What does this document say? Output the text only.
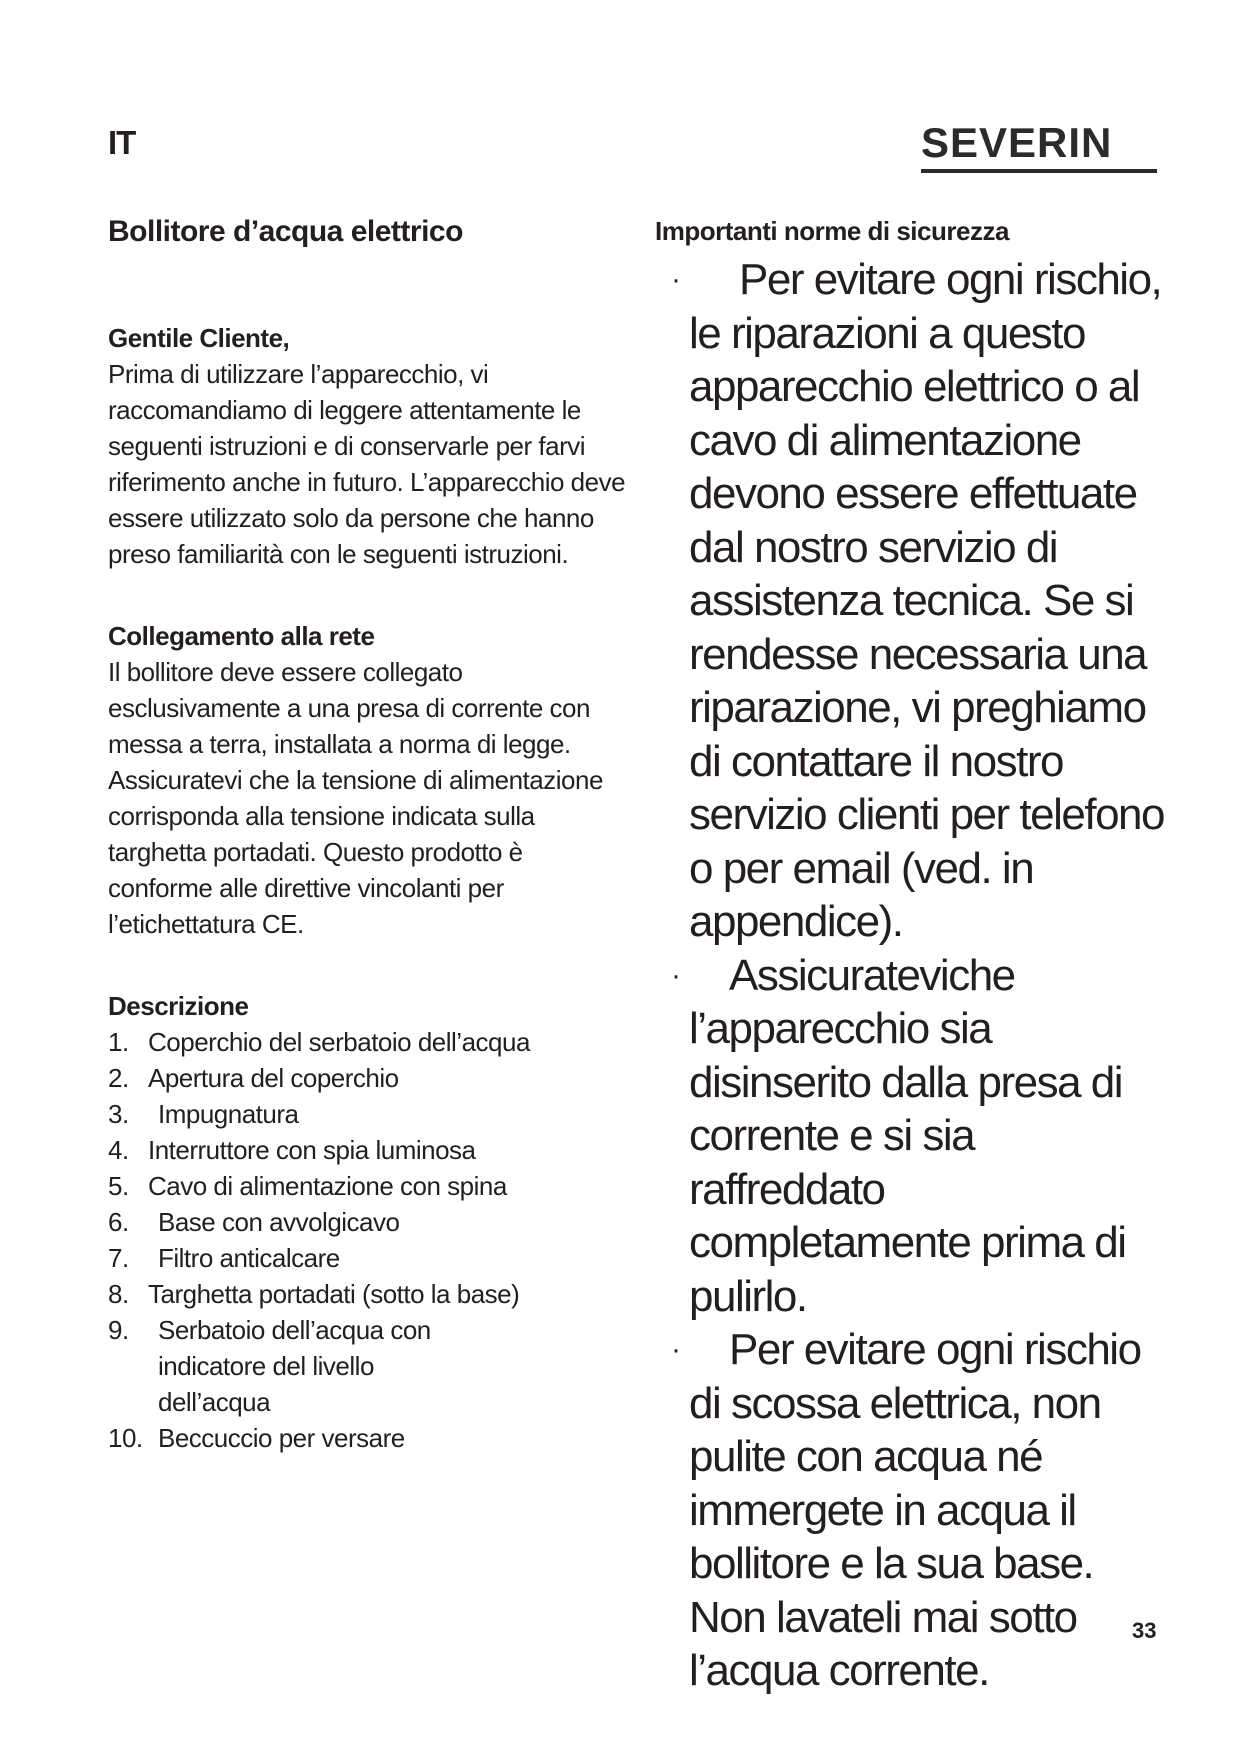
IT	SEVERIN
Bollitore d’acqua elettrico
Gentile Cliente,

Prima di utilizzare l’apparecchio, vi raccomandiamo di leggere attentamente le seguenti istruzioni e di conservarle per farvi riferimento anche in futuro. L’apparecchio deve essere utilizzato solo da persone che hanno preso familiarità con le seguenti istruzioni.

Collegamento alla rete

Il bollitore deve essere collegato esclusivamente a una presa di corrente con messa a terra, installata a norma di legge. Assicuratevi che la tensione di alimentazione corrisponda alla tensione indicata sulla targhetta portadati. Questo prodotto è conforme alle direttive vincolanti per l’etichettatura CE.

Descrizione
1. Coperchio del serbatoio dell’acqua
2. Apertura del coperchio
3.	Impugnatura
4. Interruttore con spia luminosa
5. Cavo di alimentazione con spina
6.	Base con avvolgicavo
7.	Filtro anticalcare
8. Targhetta portadati (sotto la base)
9.	Serbatoio dell’acqua con indicatore del livello dell’acqua
10. Beccuccio per versare
Importanti norme di sicurezza
· Per evitare ogni rischio, le riparazioni a questo apparecchio elettrico o al cavo di alimentazione devono essere effettuate dal nostro servizio di assistenza tecnica. Se si rendesse necessaria una riparazione, vi preghiamo di contattare il nostro servizio clienti per telefono o per email (ved. in appendice).
· Assicurateviche l’apparecchio sia disinserito dalla presa di corrente e si sia raffreddato completamente prima di pulirlo.
· Per evitare ogni rischio di scossa elettrica, non pulite con acqua né immergete in acqua il bollitore e la sua base. Non lavateli mai sotto l’acqua corrente.
33
